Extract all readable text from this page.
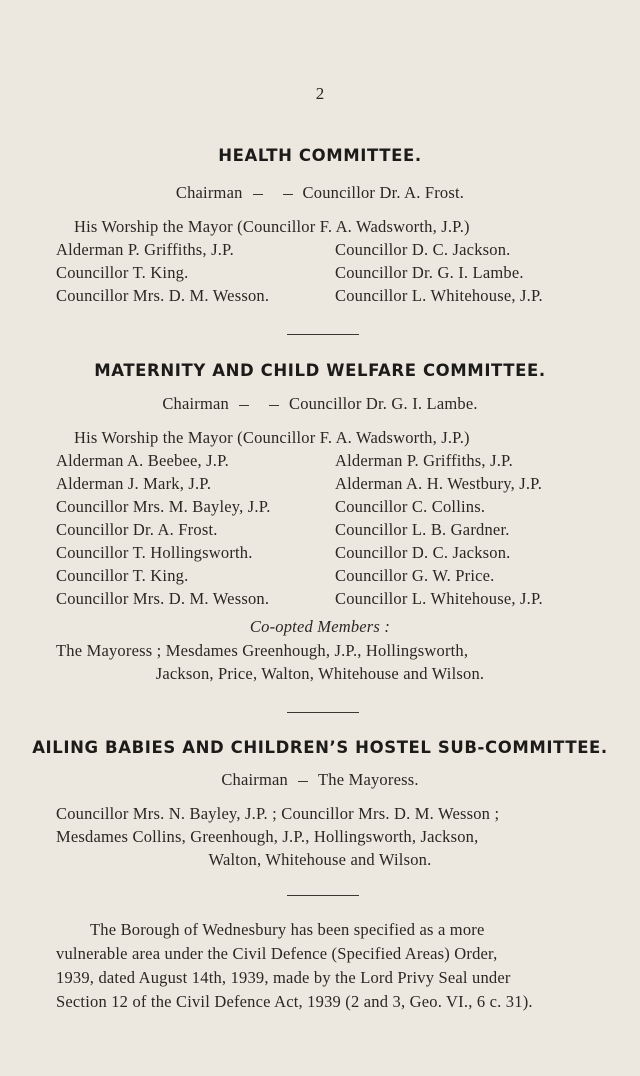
2
HEALTH COMMITTEE.
Chairman	Councillor Dr. A. Frost.
His Worship the Mayor (Councillor F. A. Wadsworth, J.P.)
Alderman P. Griffiths, J.P.
Councillor T. King.
Councillor Mrs. D. M. Wesson.
Councillor D. C. Jackson.
Councillor Dr. G. I. Lambe.
Councillor L. Whitehouse, J.P.
MATERNITY AND CHILD WELFARE COMMITTEE.
Chairman	Councillor Dr. G. I. Lambe.
His Worship the Mayor (Councillor F. A. Wadsworth, J.P.)
Alderman A. Beebee, J.P.
Alderman J. Mark, J.P.
Councillor Mrs. M. Bayley, J.P.
Councillor Dr. A. Frost.
Councillor T. Hollingsworth.
Councillor T. King.
Councillor Mrs. D. M. Wesson.
Alderman P. Griffiths, J.P.
Alderman A. H. Westbury, J.P.
Councillor C. Collins.
Councillor L. B. Gardner.
Councillor D. C. Jackson.
Councillor G. W. Price.
Councillor L. Whitehouse, J.P.
Co-opted Members :
The Mayoress ; Mesdames Greenhough, J.P., Hollingsworth,
Jackson, Price, Walton, Whitehouse and Wilson.
AILING BABIES AND CHILDREN’S HOSTEL SUB-COMMITTEE.
Chairman The Mayoress.
Councillor Mrs. N. Bayley, J.P. ; Councillor Mrs. D. M. Wesson ;
Mesdames Collins, Greenhough, J.P., Hollingsworth, Jackson,
Walton, Whitehouse and Wilson.
The Borough of Wednesbury has been specified as a more
vulnerable area under the Civil Defence (Specified Areas) Order,
1939, dated August 14th, 1939, made by the Lord Privy Seal under
Section 12 of the Civil Defence Act, 1939 (2 and 3, Geo. VI., 6 c. 31).
